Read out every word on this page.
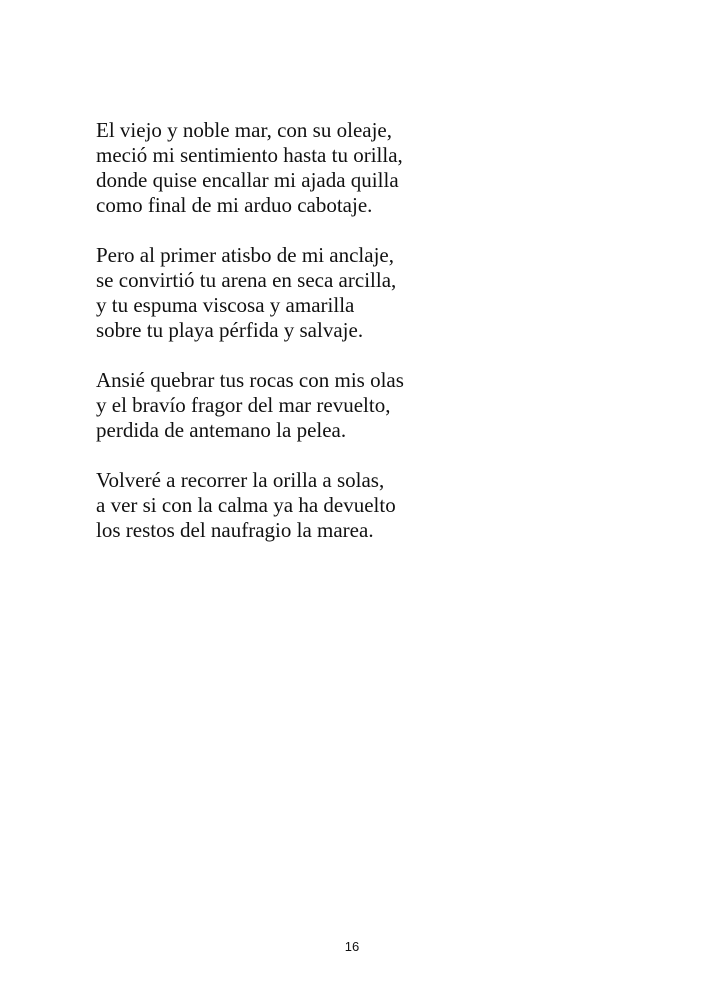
El viejo y noble mar, con su oleaje,
meció mi sentimiento hasta tu orilla,
donde quise encallar mi ajada quilla
como final de mi arduo cabotaje.
Pero al primer atisbo de mi anclaje,
se convirtió tu arena en seca arcilla,
y tu espuma viscosa y amarilla
sobre tu playa pérfida y salvaje.
Ansié quebrar tus rocas con mis olas
y el bravío fragor del mar revuelto,
perdida de antemano la pelea.
Volveré a recorrer la orilla a solas,
a ver si con la calma ya ha devuelto
los restos del naufragio la marea.
16
